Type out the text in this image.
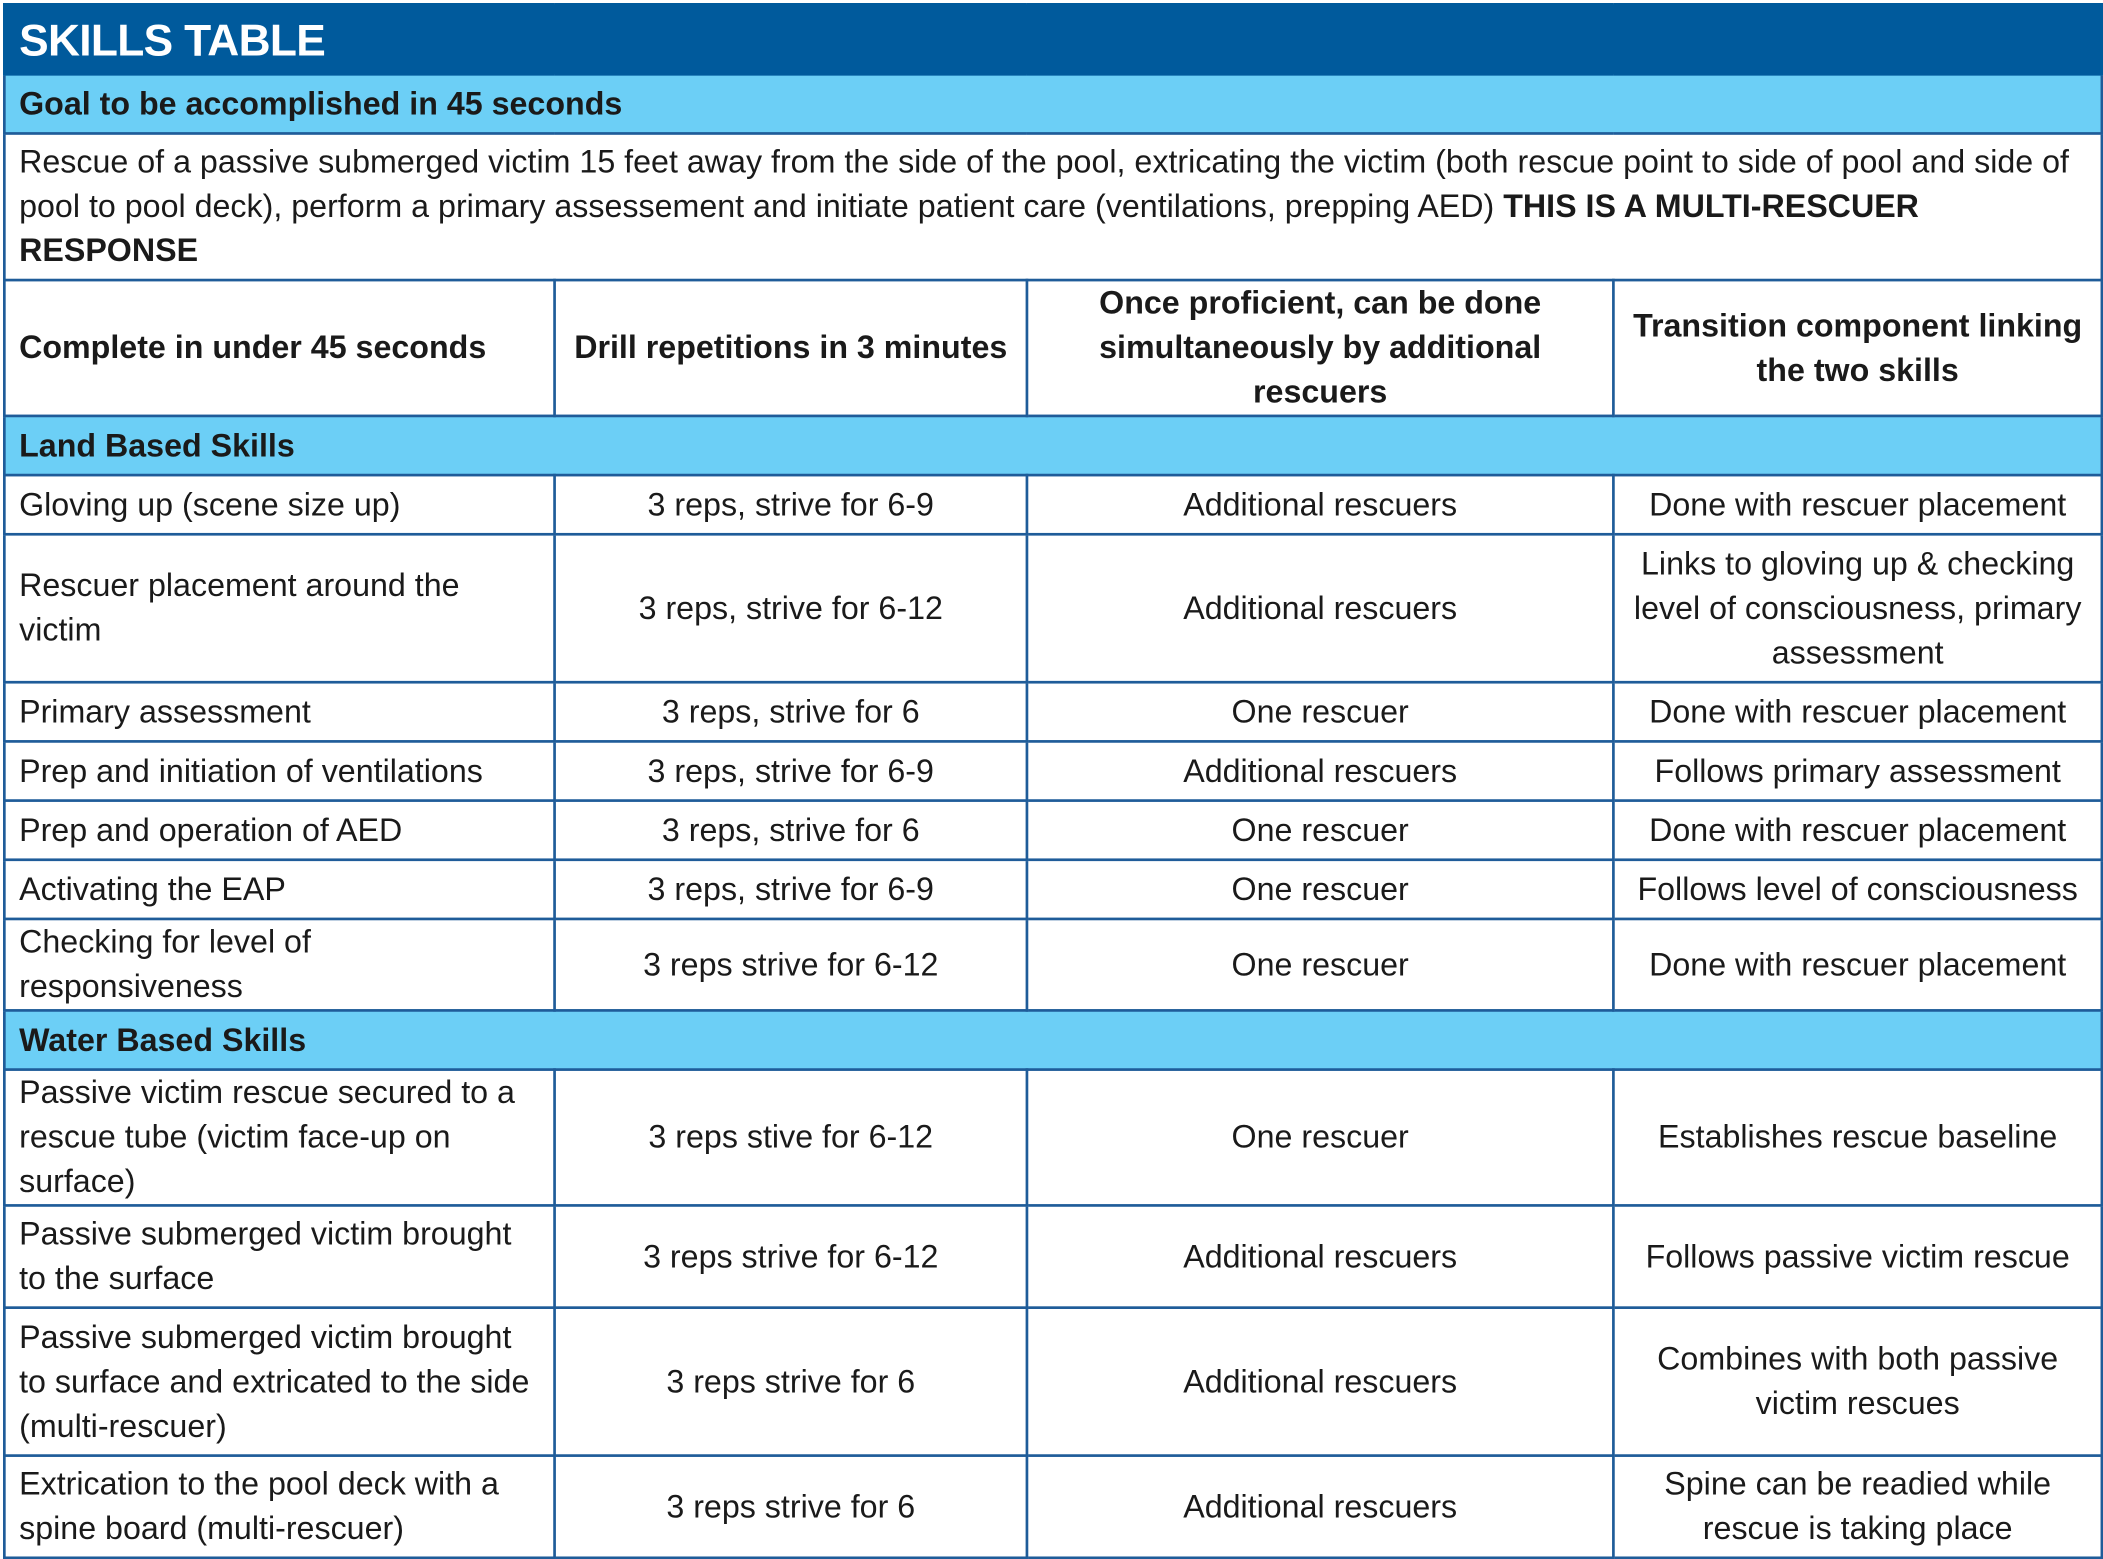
SKILLS TABLE			
Goal to be accomplished in 45 seconds			
Rescue of a passive submerged victim 15 feet away from the side of the pool, extricating the victim (both rescue point to side of pool and side of pool to pool deck), perform a primary assessement and initiate patient care (ventilations, prepping AED) THIS IS A MULTI-RESCUER RESPONSE			
Complete in under 45 seconds	Drill repetitions in 3 minutes	Once proficient, can be done simultaneously by additional rescuers	Transition component linking the two skills
Land Based Skills			
Gloving up (scene size up)	3 reps, strive for 6-9	Additional rescuers	Done with rescuer placement
Rescuer placement around the victim	3 reps, strive for 6-12	Additional rescuers	Links to gloving up & checking level of consciousness, primary assessment
Primary assessment	3 reps, strive for 6	One rescuer	Done with rescuer placement
Prep and initiation of ventilations	3 reps, strive for 6-9	Additional rescuers	Follows primary assessment
Prep and operation of AED	3 reps, strive for 6	One rescuer	Done with rescuer placement
Activating the EAP	3 reps, strive for 6-9	One rescuer	Follows level of consciousness
Checking for level of responsiveness	3 reps strive for 6-12	One rescuer	Done with rescuer placement
Water Based Skills			
Passive victim rescue secured to a rescue tube (victim face-up on surface)	3 reps stive for 6-12	One rescuer	Establishes rescue baseline
Passive submerged victim brought to the surface	3 reps strive for 6-12	Additional rescuers	Follows passive victim rescue
Passive submerged victim brought to surface and extricated to the side (multi-rescuer)	3 reps strive for 6	Additional rescuers	Combines with both passive victim rescues
Extrication to the pool deck with a spine board (multi-rescuer)	3 reps strive for 6	Additional rescuers	Spine can be readied while rescue is taking place
